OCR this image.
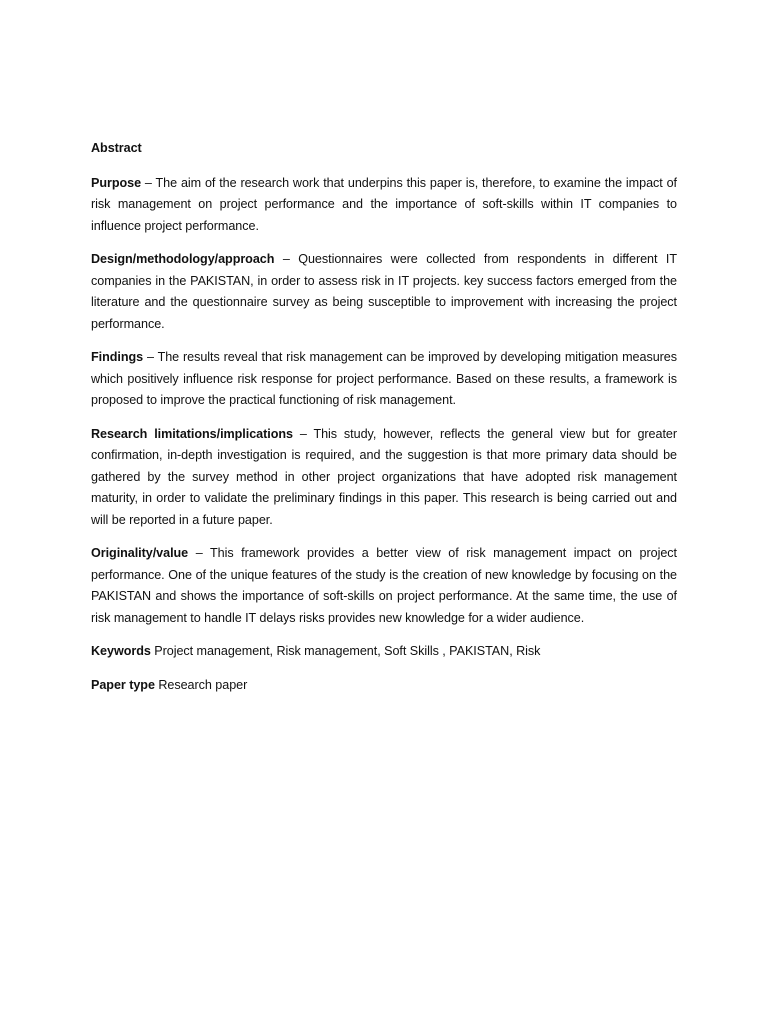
Abstract

Purpose – The aim of the research work that underpins this paper is, therefore, to examine the impact of risk management on project performance and the importance of soft-skills within IT companies to influence project performance.

Design/methodology/approach – Questionnaires were collected from respondents in different IT companies in the PAKISTAN, in order to assess risk in IT projects. key success factors emerged from the literature and the questionnaire survey as being susceptible to improvement with increasing the project performance.

Findings – The results reveal that risk management can be improved by developing mitigation measures which positively influence risk response for project performance. Based on these results, a framework is proposed to improve the practical functioning of risk management.

Research limitations/implications – This study, however, reflects the general view but for greater confirmation, in-depth investigation is required, and the suggestion is that more primary data should be gathered by the survey method in other project organizations that have adopted risk management maturity, in order to validate the preliminary findings in this paper. This research is being carried out and will be reported in a future paper.

Originality/value – This framework provides a better view of risk management impact on project performance. One of the unique features of the study is the creation of new knowledge by focusing on the PAKISTAN and shows the importance of soft-skills on project performance. At the same time, the use of risk management to handle IT delays risks provides new knowledge for a wider audience.

Keywords Project management, Risk management, Soft Skills , PAKISTAN, Risk

Paper type Research paper
